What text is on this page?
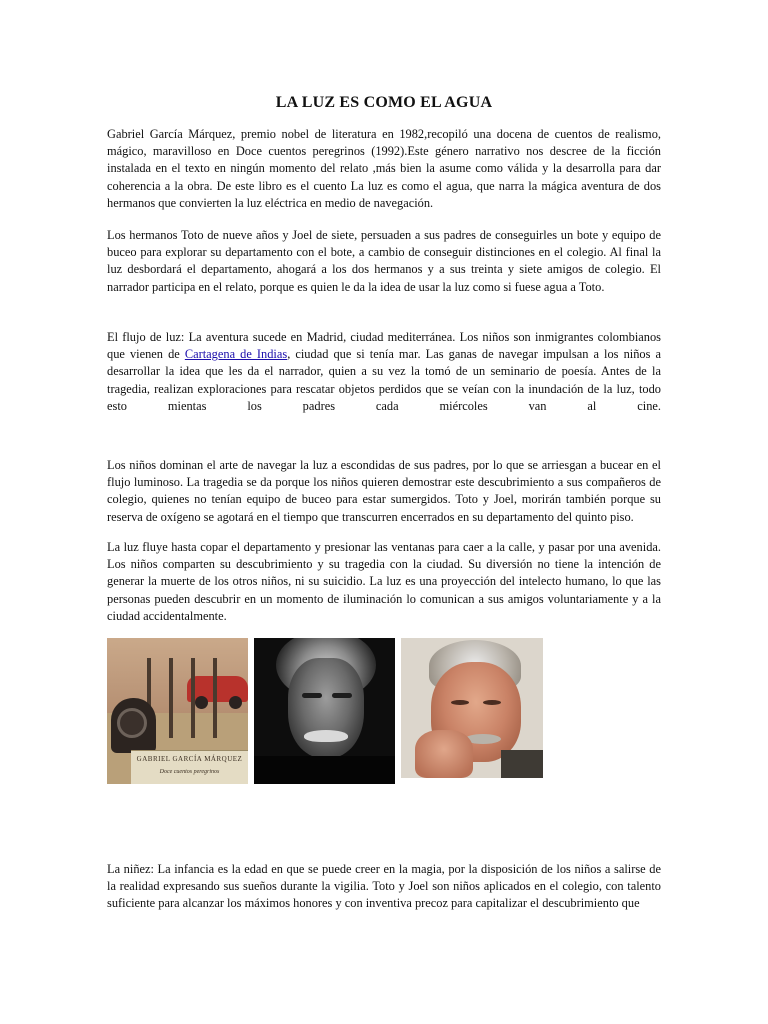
LA LUZ ES COMO EL AGUA

Gabriel García Márquez, premio nobel de literatura en 1982,recopiló una docena de cuentos de realismo, mágico, maravilloso en Doce cuentos peregrinos (1992).Este género narrativo nos descree de la ficción instalada en el texto en ningún momento del relato ,más bien la asume como válida y la desarrolla para dar coherencia a la obra. De este libro es el cuento La luz es como el agua, que narra la mágica aventura de dos hermanos que convierten la luz eléctrica en medio de navegación.

Los hermanos Toto de nueve años y Joel de siete, persuaden a sus padres de conseguirles un bote y equipo de buceo para explorar su departamento con el bote, a cambio de conseguir distinciones en el colegio. Al final la luz desbordará el departamento, ahogará a los dos hermanos y a sus treinta y siete amigos de colegio. El narrador participa en el relato, porque es quien le da la idea de usar la luz como si fuese agua a Toto.

El flujo de luz: La aventura sucede en Madrid, ciudad mediterránea. Los niños son inmigrantes colombianos que vienen de Cartagena de Indias, ciudad que si tenía mar. Las ganas de navegar impulsan a los niños a desarrollar la idea que les da el narrador, quien a su vez la tomó de un seminario de poesía. Antes de la tragedia, realizan exploraciones para rescatar objetos perdidos que se veían con la inundación de la luz, todo esto mientas los padres cada miércoles van al cine.

Los niños dominan el arte de navegar la luz a escondidas de sus padres, por lo que se arriesgan a bucear en el flujo luminoso. La tragedia se da porque los niños quieren demostrar este descubrimiento a sus compañeros de colegio, quienes no tenían equipo de buceo para estar sumergidos. Toto y Joel, morirán también porque su reserva de oxígeno se agotará en el tiempo que transcurren encerrados en su departamento del quinto piso.

La luz fluye hasta copar el departamento y presionar las ventanas para caer a la calle, y pasar por una avenida. Los niños comparten su descubrimiento y su tragedia con la ciudad. Su diversión no tiene la intención de generar la muerte de los otros niños, ni su suicidio. La luz es una proyección del intelecto humano, lo que las personas pueden descubrir en un momento de iluminación lo comunican a sus amigos voluntariamente y a la ciudad accidentalmente.

GABRIEL GARCÍA MÁRQUEZ
Doce cuentos peregrinos

La niñez: La infancia es la edad en que se puede creer en la magia, por la disposición de los niños a salirse de la realidad expresando sus sueños durante la vigilia. Toto y Joel son niños aplicados en el colegio, con talento suficiente para alcanzar los máximos honores y con inventiva precoz para capitalizar el descubrimiento que
